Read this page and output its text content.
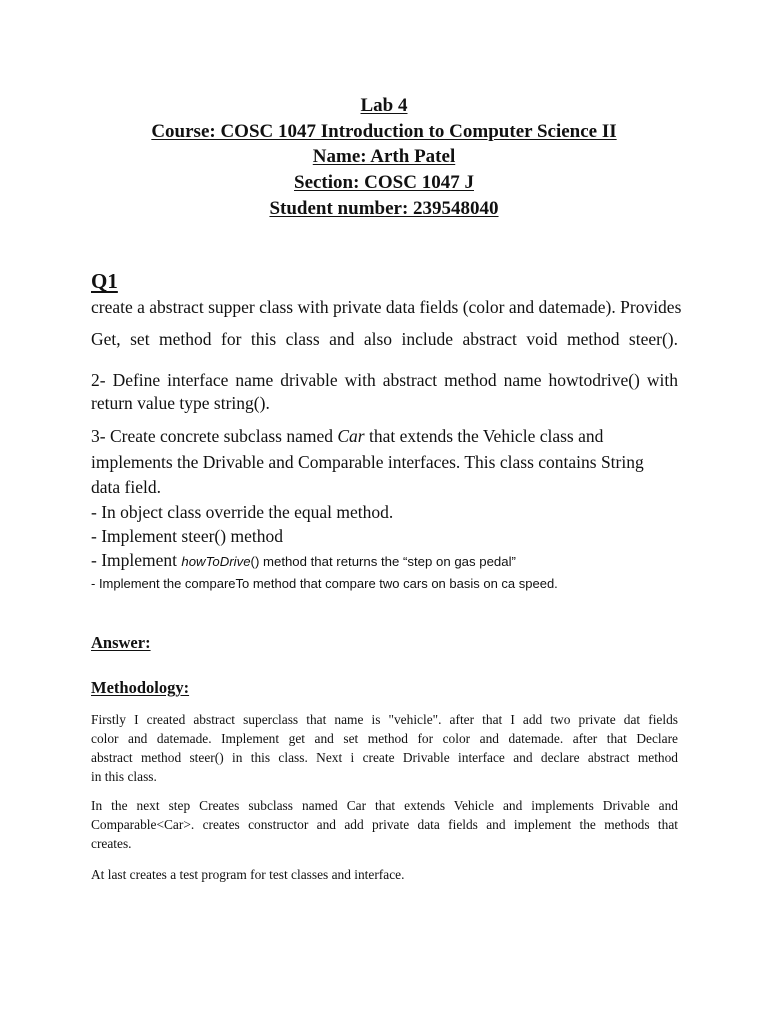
Lab 4
Course: COSC 1047 Introduction to Computer Science II
Name: Arth Patel
Section: COSC 1047 J
Student number: 239548040
Q1
create a abstract supper class with private data fields (color and datemade). Provides
Get, set method for this class and also include abstract void method steer().
2- Define interface name drivable with abstract method name howtodrive() with
return value type string().
3- Create concrete subclass named Car that extends the Vehicle class and
implements the Drivable and Comparable interfaces. This class contains String
data field.
- In object class override the equal method.
- Implement steer() method
- Implement howToDrive() method that returns the “step on gas pedal”
- Implement the compareTo method that compare two cars on basis on ca speed.
Answer:
Methodology:
Firstly I created abstract superclass that name is "vehicle". after that I add two private dat fields
color and datemade. Implement get and set method for color and datemade. after that Declare
abstract method steer() in this class. Next i create Drivable interface and declare abstract method
in this class.
In the next step Creates subclass named Car that extends Vehicle and implements Drivable and
Comparable<Car>. creates constructor and add private data fields and implement the methods that
creates.
At last creates a test program for test classes and interface.
